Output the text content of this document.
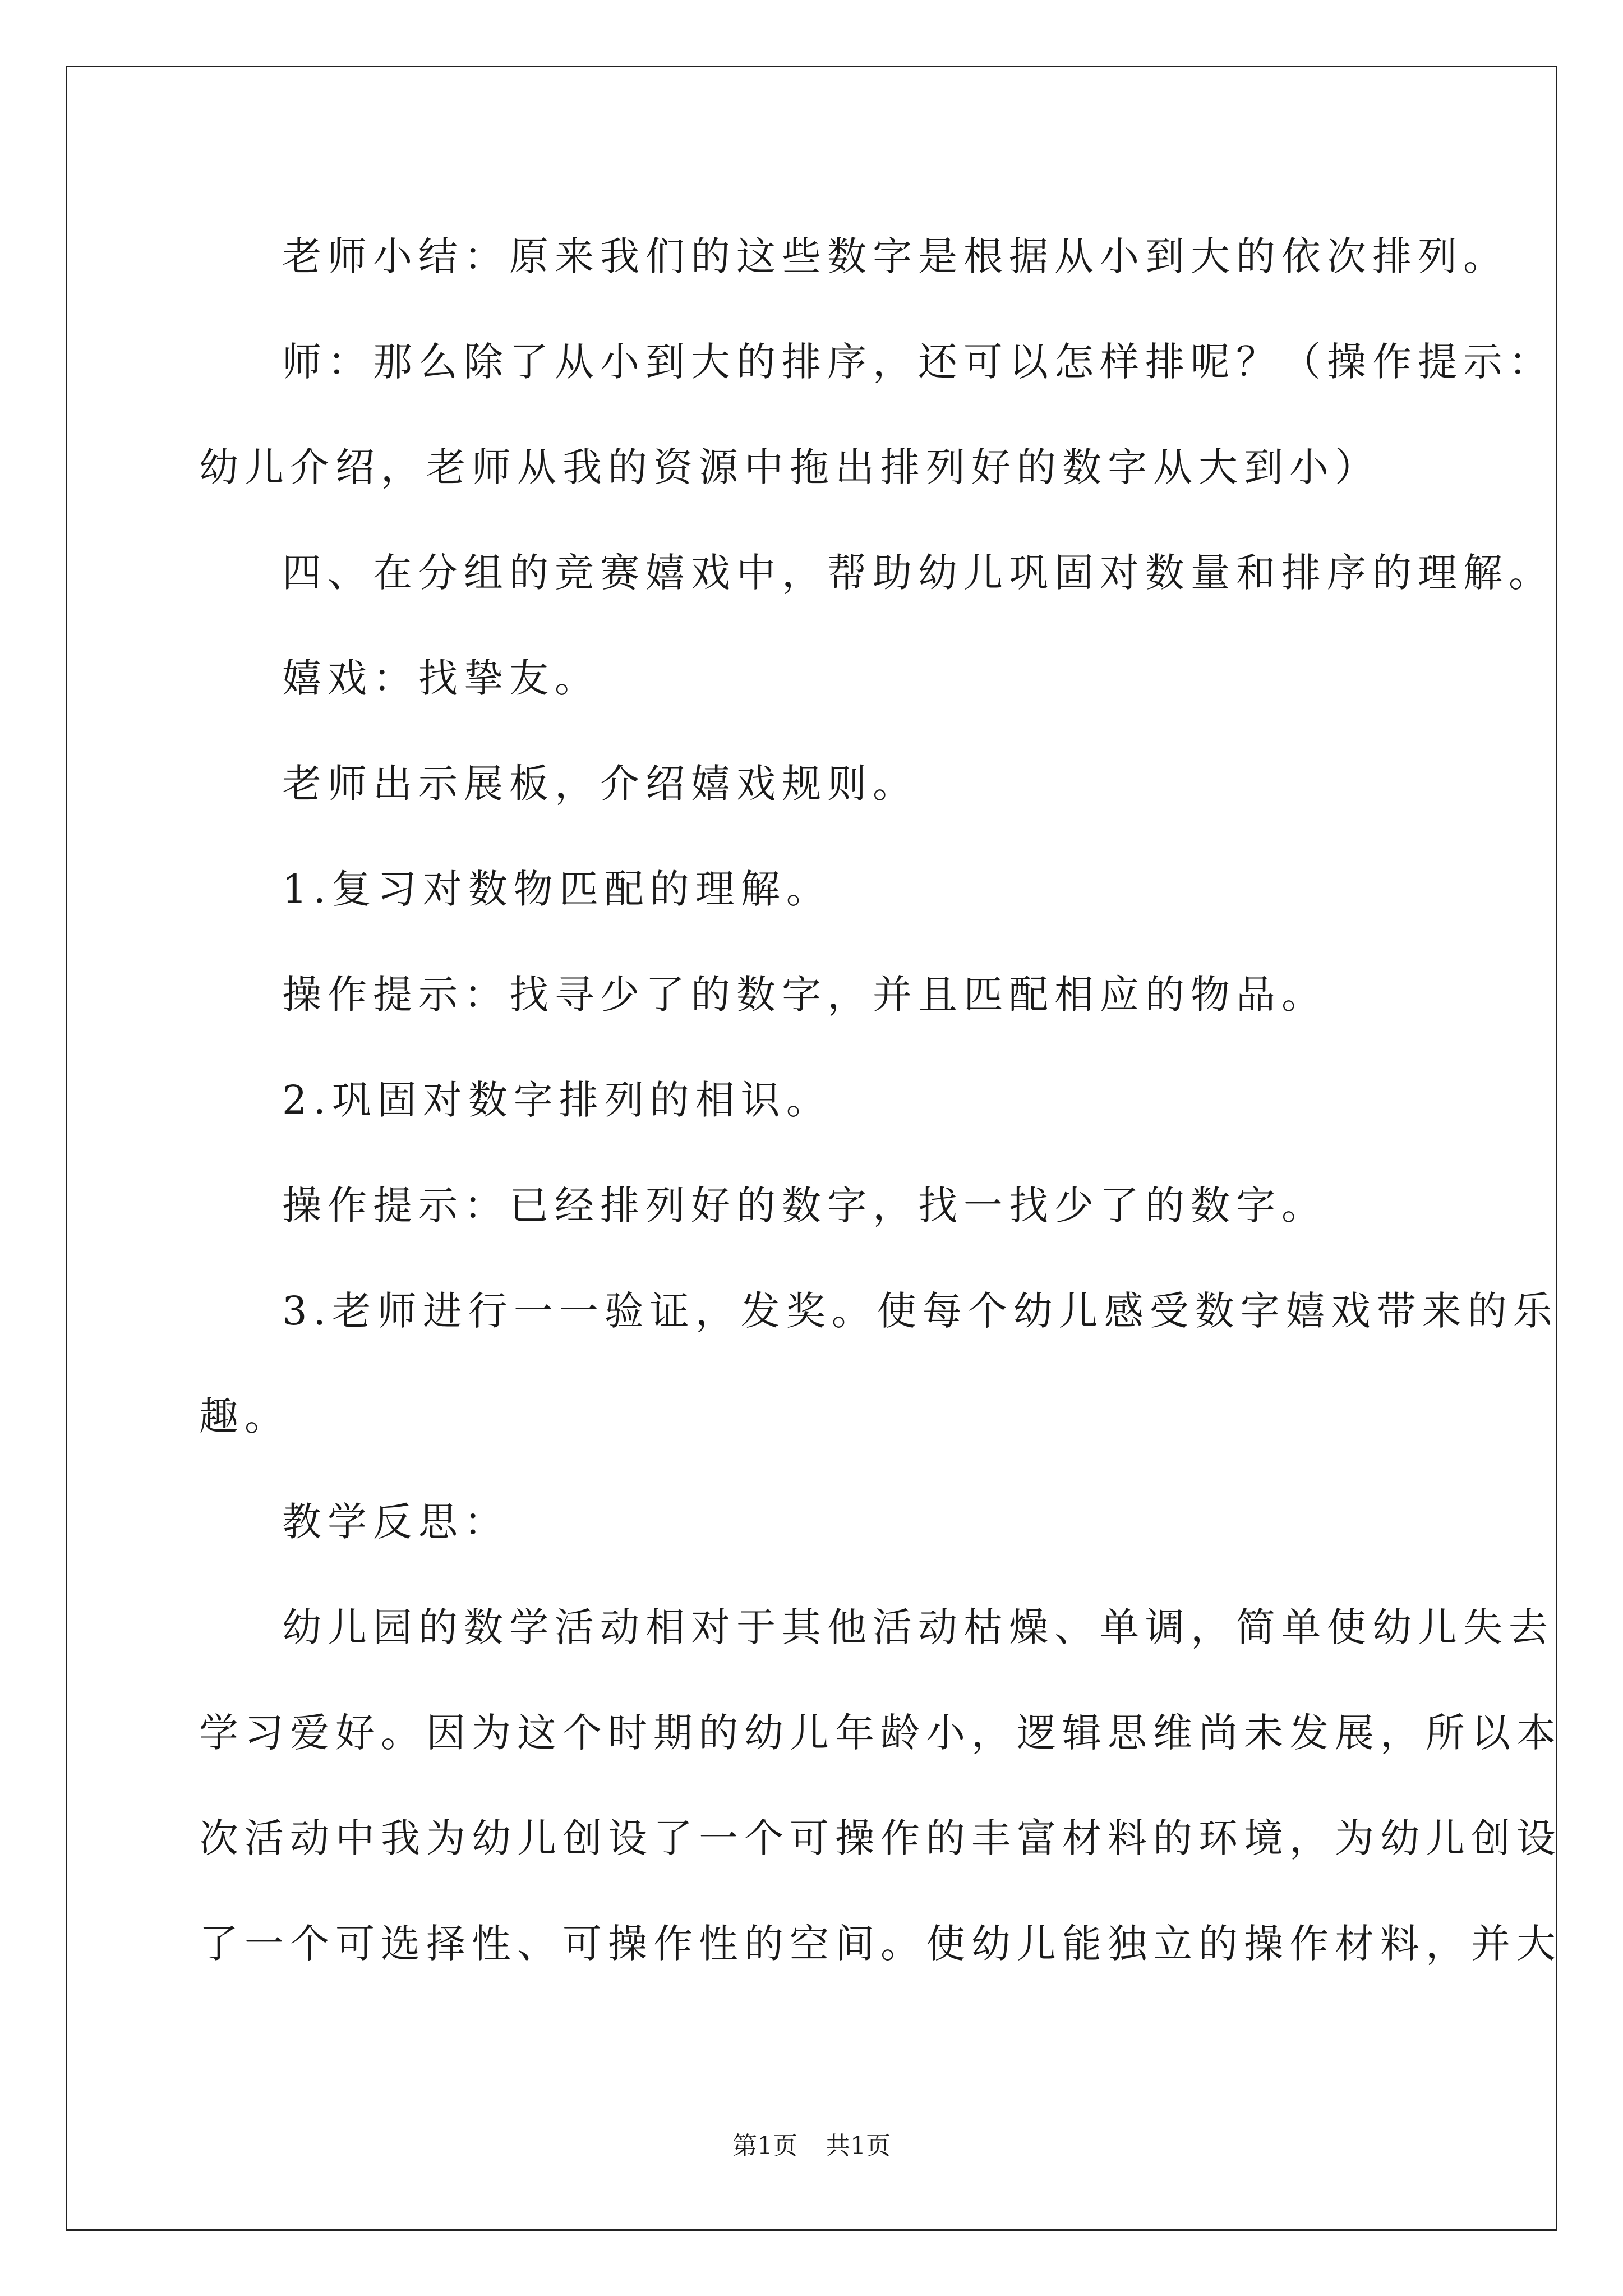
老师小结：原来我们的这些数字是根据从小到大的依次排列。
师：那么除了从小到大的排序，还可以怎样排呢？（操作提示：
幼儿介绍，老师从我的资源中拖出排列好的数字从大到小）
四、在分组的竞赛嬉戏中，帮助幼儿巩固对数量和排序的理解。
嬉戏：找挚友。
老师出示展板，介绍嬉戏规则。
1.复习对数物匹配的理解。
操作提示：找寻少了的数字，并且匹配相应的物品。
2.巩固对数字排列的相识。
操作提示：已经排列好的数字，找一找少了的数字。
3.老师进行一一验证，发奖。使每个幼儿感受数字嬉戏带来的乐
趣。
教学反思：
幼儿园的数学活动相对于其他活动枯燥、单调，简单使幼儿失去
学习爱好。因为这个时期的幼儿年龄小，逻辑思维尚未发展，所以本
次活动中我为幼儿创设了一个可操作的丰富材料的环境，为幼儿创设
了一个可选择性、可操作性的空间。使幼儿能独立的操作材料，并大
第1页 共1页
